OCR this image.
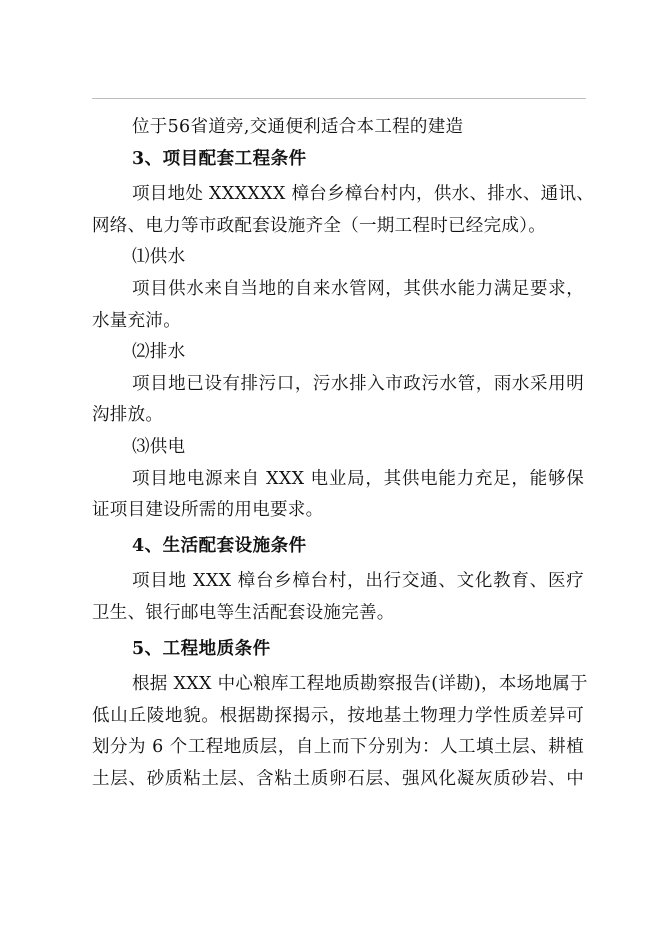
位于56省道旁,交通便利适合本工程的建造
3、项目配套工程条件
项目地处 XXXXXX 樟台乡樟台村内，供水、排水、通讯、
网络、电力等市政配套设施齐全（一期工程时已经完成）。
⑴供水
项目供水来自当地的自来水管网，其供水能力满足要求，
水量充沛。
⑵排水
项目地已设有排污口，污水排入市政污水管，雨水采用明
沟排放。
⑶供电
项目地电源来自 XXX 电业局，其供电能力充足，能够保
证项目建设所需的用电要求。
4、生活配套设施条件
项目地 XXX 樟台乡樟台村，出行交通、文化教育、医疗
卫生、银行邮电等生活配套设施完善。
5、工程地质条件
根据 XXX 中心粮库工程地质勘察报告(详勘)，本场地属于
低山丘陵地貌。根据勘探揭示，按地基土物理力学性质差异可
划分为 6 个工程地质层，自上而下分别为：人工填土层、耕植
土层、砂质粘土层、含粘土质卵石层、强风化凝灰质砂岩、中
